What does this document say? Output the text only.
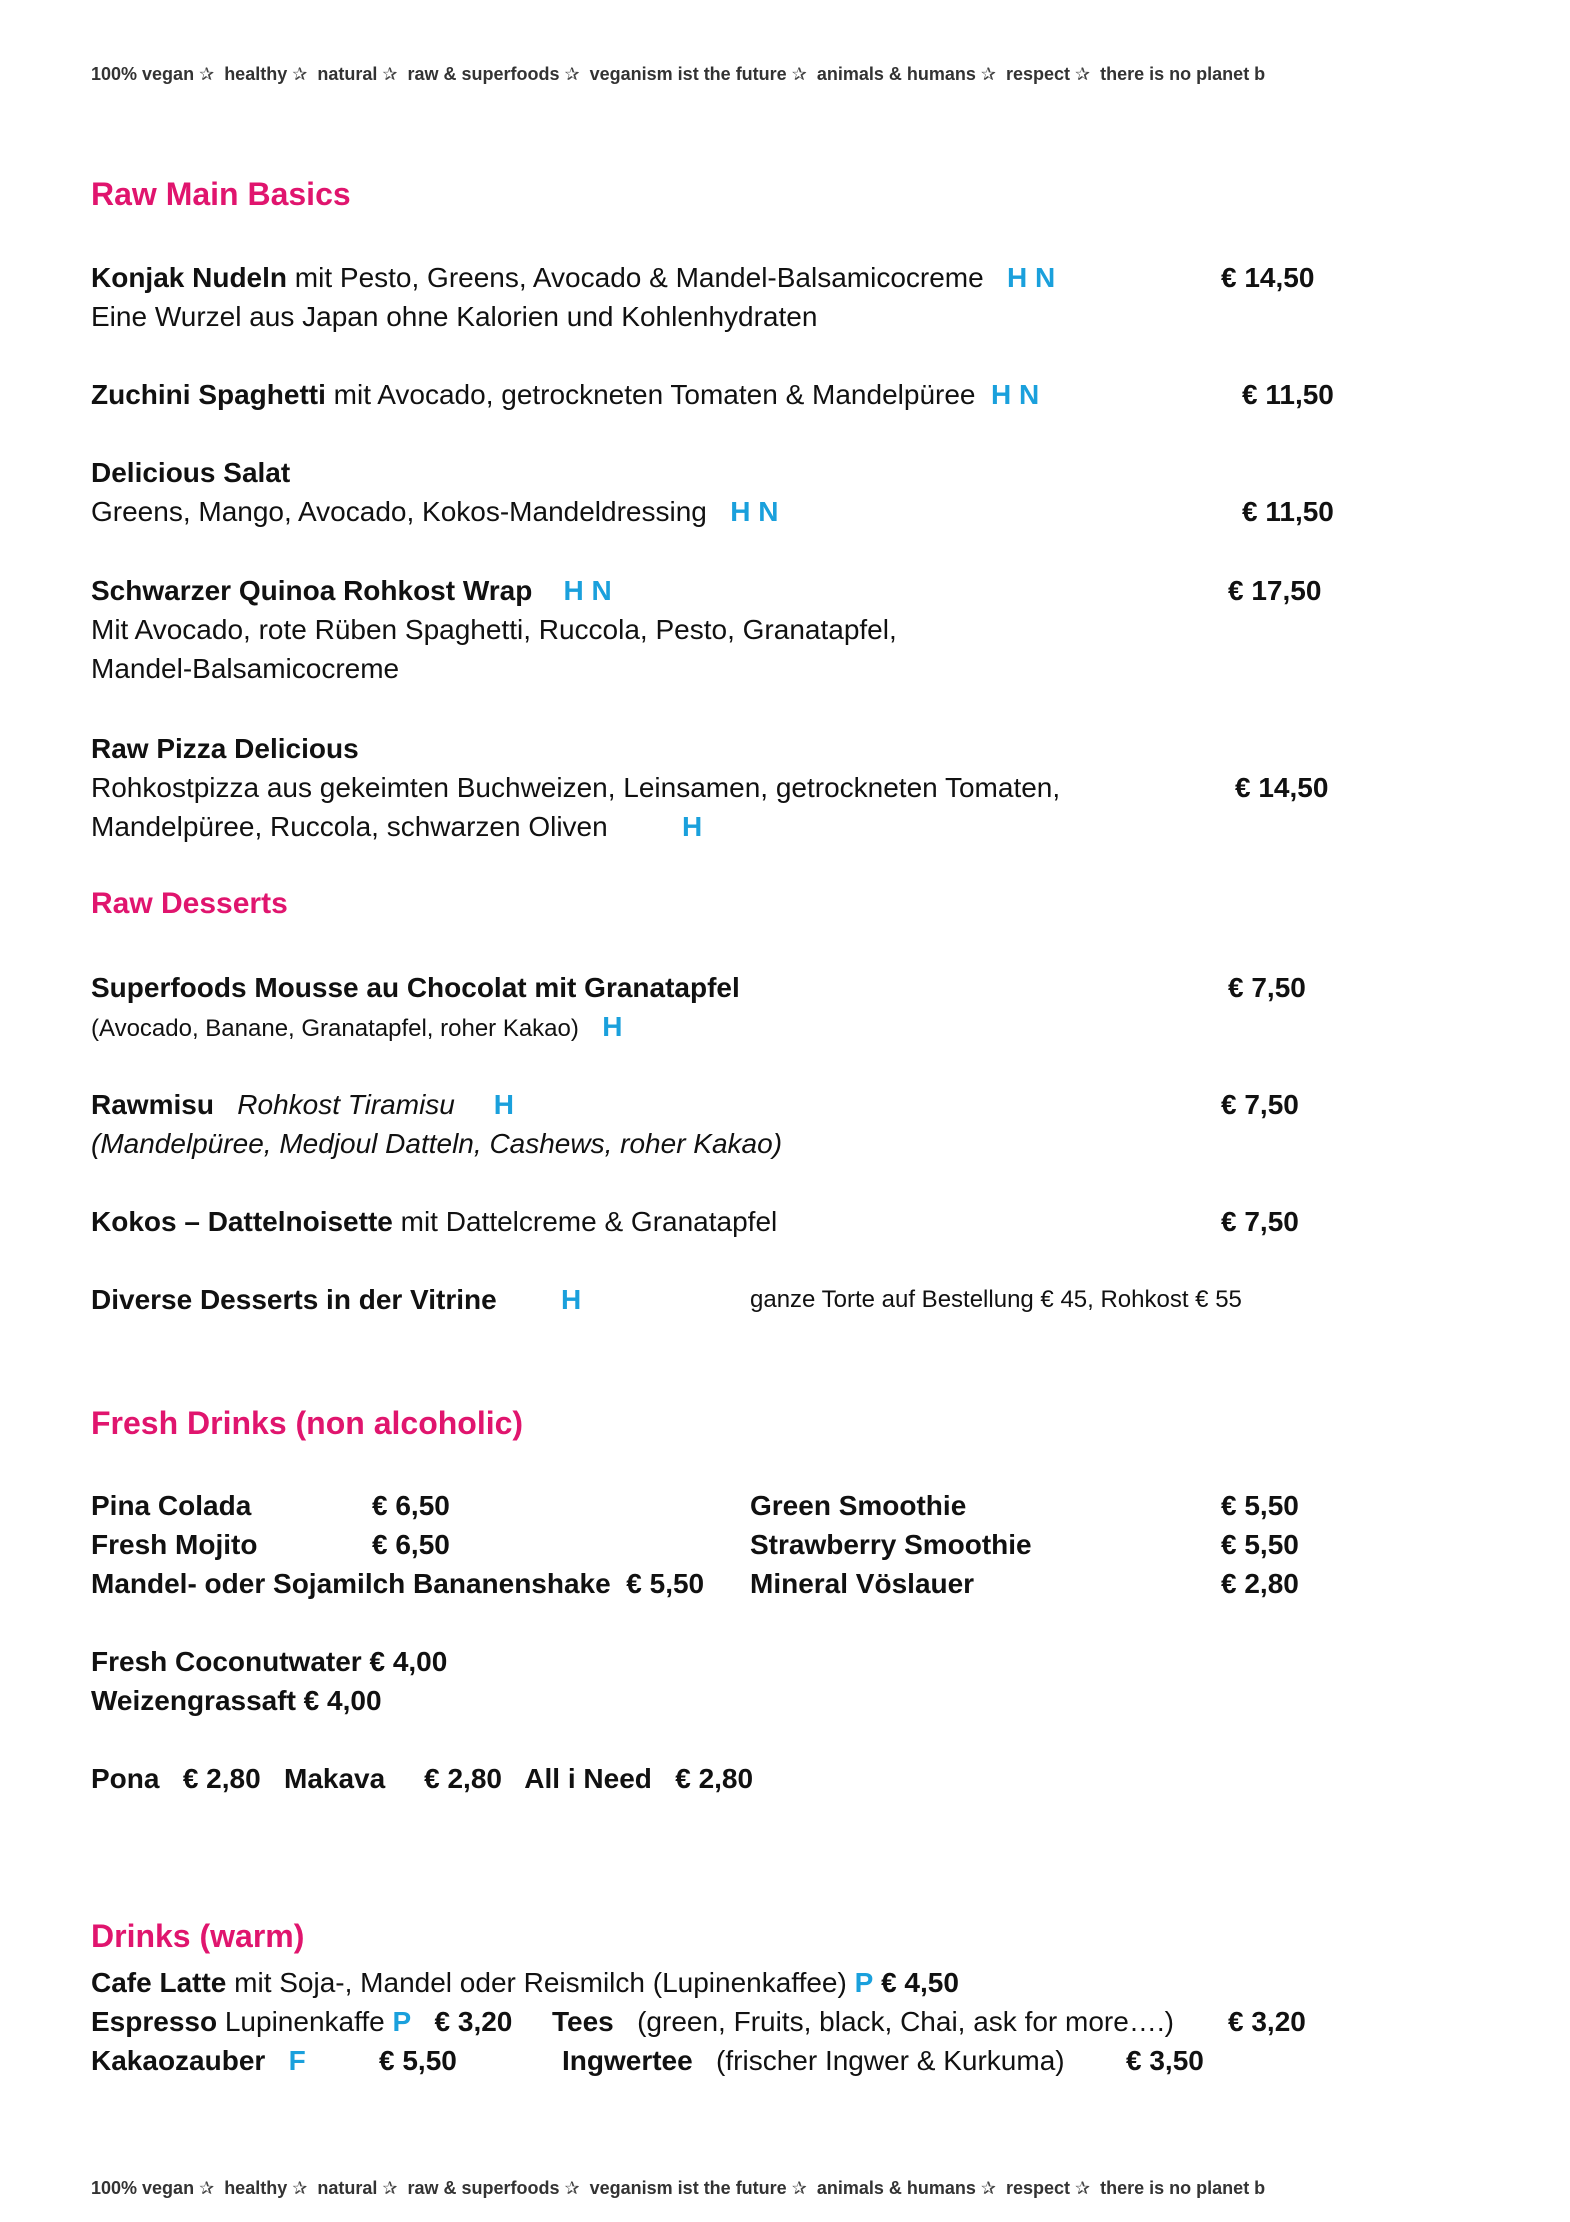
100% vegan ✰ healthy ✰ natural ✰ raw & superfoods ✰ veganism ist the future ✰ animals & humans ✰ respect ✰ there is no planet b
Raw Main Basics
Konjak Nudeln mit Pesto, Greens, Avocado & Mandel-Balsamicocreme H N	€ 14,50
Eine Wurzel aus Japan ohne Kalorien und Kohlenhydraten
Zuchini Spaghetti mit Avocado, getrockneten Tomaten & Mandelpüree H N	€ 11,50
Delicious Salat
Greens, Mango, Avocado, Kokos-Mandeldressing H N	€ 11,50
Schwarzer Quinoa Rohkost Wrap H N	€ 17,50
Mit Avocado, rote Rüben Spaghetti, Ruccola, Pesto, Granatapfel,
Mandel-Balsamicocreme
Raw Pizza Delicious
Rohkostpizza aus gekeimten Buchweizen, Leinsamen, getrockneten Tomaten,	€ 14,50
Mandelpüree, Ruccola, schwarzen Oliven	H
Raw Desserts
Superfoods Mousse au Chocolat mit Granatapfel	€ 7,50
(Avocado, Banane, Granatapfel, roher Kakao) H
Rawmisu Rohkost Tiramisu H	€ 7,50
(Mandelpüree, Medjoul Datteln, Cashews, roher Kakao)
Kokos – Dattelnoisette mit Dattelcreme & Granatapfel	€ 7,50
Diverse Desserts in der Vitrine H	ganze Torte auf Bestellung € 45, Rohkost € 55
Fresh Drinks (non alcoholic)
Pina Colada	€ 6,50
Fresh Mojito	€ 6,50
Mandel- oder Sojamilch Bananenshake € 5,50
Green Smoothie	€ 5,50
Strawberry Smoothie	€ 5,50
Mineral Vöslauer	€ 2,80
Fresh Coconutwater € 4,00
Weizengrassaft € 4,00
Pona € 2,80 Makava € 2,80 All i Need € 2,80
Drinks (warm)
Cafe Latte mit Soja-, Mandel oder Reismilch (Lupinenkaffee) P € 4,50
Espresso Lupinenkaffe P € 3,20 Tees (green, Fruits, black, Chai, ask for more….) € 3,20
Kakaozauber F	€ 5,50	Ingwertee (frischer Ingwer & Kurkuma) € 3,50
100% vegan ✰ healthy ✰ natural ✰ raw & superfoods ✰ veganism ist the future ✰ animals & humans ✰ respect ✰ there is no planet b
